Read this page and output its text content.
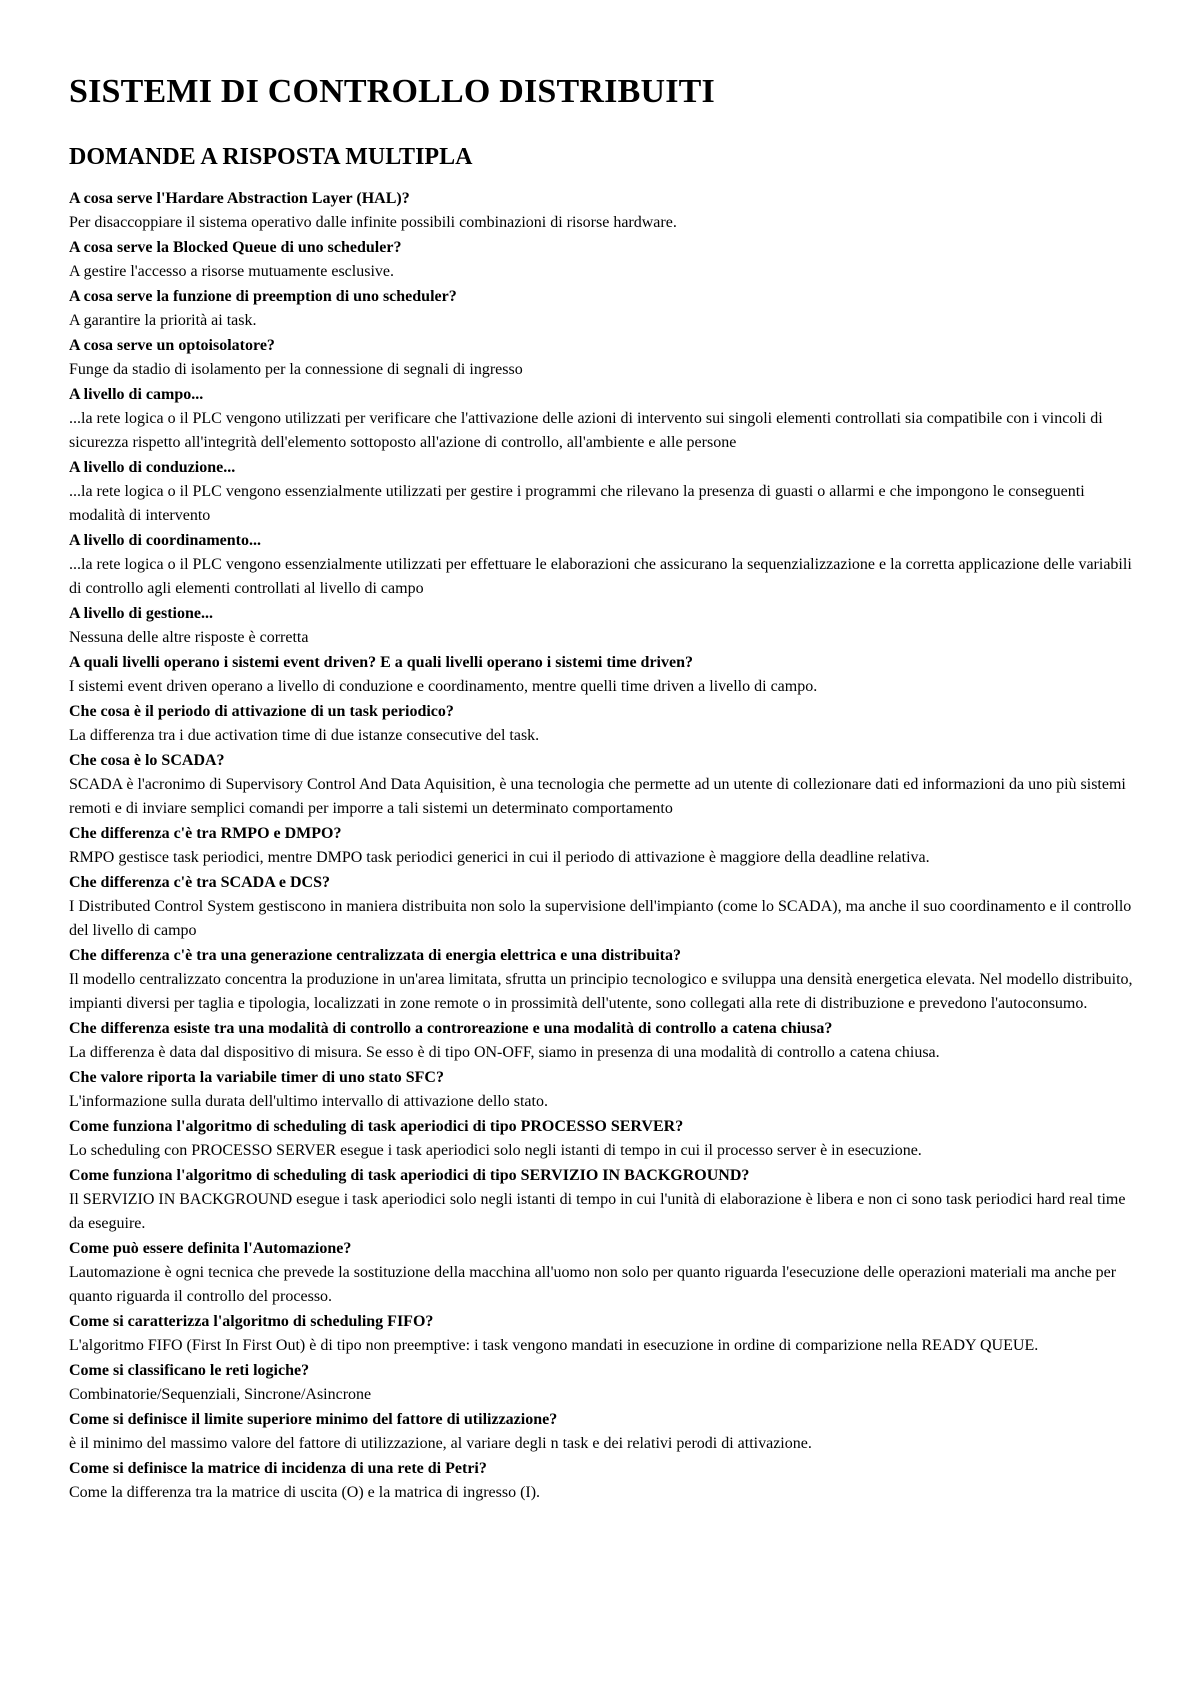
SISTEMI DI CONTROLLO DISTRIBUITI
DOMANDE A RISPOSTA MULTIPLA
A cosa serve l'Hardare Abstraction Layer (HAL)?
Per disaccoppiare il sistema operativo dalle infinite possibili combinazioni di risorse hardware.
A cosa serve la Blocked Queue di uno scheduler?
A gestire l'accesso a risorse mutuamente esclusive.
A cosa serve la funzione di preemption di uno scheduler?
A garantire la priorità ai task.
A cosa serve un optoisolatore?
Funge da stadio di isolamento per la connessione di segnali di ingresso
A livello di campo...
...la rete logica o il PLC vengono utilizzati per verificare che l'attivazione delle azioni di intervento sui singoli elementi controllati sia compatibile con i vincoli di sicurezza rispetto all'integrità dell'elemento sottoposto all'azione di controllo, all'ambiente e alle persone
A livello di conduzione...
...la rete logica o il PLC vengono essenzialmente utilizzati per gestire i programmi che rilevano la presenza di guasti o allarmi e che impongono le conseguenti modalità di intervento
A livello di coordinamento...
...la rete logica o il PLC vengono essenzialmente utilizzati per effettuare le elaborazioni che assicurano la sequenzializzazione e la corretta applicazione delle variabili di controllo agli elementi controllati al livello di campo
A livello di gestione...
Nessuna delle altre risposte è corretta
A quali livelli operano i sistemi event driven? E a quali livelli operano i sistemi time driven?
I sistemi event driven operano a livello di conduzione e coordinamento, mentre quelli time driven a livello di campo.
Che cosa è il periodo di attivazione di un task periodico?
La differenza tra i due activation time di due istanze consecutive del task.
Che cosa è lo SCADA?
SCADA è l'acronimo di Supervisory Control And Data Aquisition, è una tecnologia che permette ad un utente di collezionare dati ed informazioni da uno più sistemi remoti e di inviare semplici comandi per imporre a tali sistemi un determinato comportamento
Che differenza c'è tra RMPO e DMPO?
RMPO gestisce task periodici, mentre DMPO task periodici generici in cui il periodo di attivazione è maggiore della deadline relativa.
Che differenza c'è tra SCADA e DCS?
I Distributed Control System gestiscono in maniera distribuita non solo la supervisione dell'impianto (come lo SCADA), ma anche il suo coordinamento e il controllo del livello di campo
Che differenza c'è tra una generazione centralizzata di energia elettrica e una distribuita?
Il modello centralizzato concentra la produzione in un'area limitata, sfrutta un principio tecnologico e sviluppa una densità energetica elevata. Nel modello distribuito, impianti diversi per taglia e tipologia, localizzati in zone remote o in prossimità dell'utente, sono collegati alla rete di distribuzione e prevedono l'autoconsumo.
Che differenza esiste tra una modalità di controllo a controreazione e una modalità di controllo a catena chiusa?
La differenza è data dal dispositivo di misura. Se esso è di tipo ON-OFF, siamo in presenza di una modalità di controllo a catena chiusa.
Che valore riporta la variabile timer di uno stato SFC?
L'informazione sulla durata dell'ultimo intervallo di attivazione dello stato.
Come funziona l'algoritmo di scheduling di task aperiodici di tipo PROCESSO SERVER?
Lo scheduling con PROCESSO SERVER esegue i task aperiodici solo negli istanti di tempo in cui il processo server è in esecuzione.
Come funziona l'algoritmo di scheduling di task aperiodici di tipo SERVIZIO IN BACKGROUND?
Il SERVIZIO IN BACKGROUND esegue i task aperiodici solo negli istanti di tempo in cui l'unità di elaborazione è libera e non ci sono task periodici hard real time da eseguire.
Come può essere definita l'Automazione?
Lautomazione è ogni tecnica che prevede la sostituzione della macchina all'uomo non solo per quanto riguarda l'esecuzione delle operazioni materiali ma anche per quanto riguarda il controllo del processo.
Come si caratterizza l'algoritmo di scheduling FIFO?
L'algoritmo FIFO (First In First Out) è di tipo non preemptive: i task vengono mandati in esecuzione in ordine di comparizione nella READY QUEUE.
Come si classificano le reti logiche?
Combinatorie/Sequenziali, Sincrone/Asincrone
Come si definisce il limite superiore minimo del fattore di utilizzazione?
è il minimo del massimo valore del fattore di utilizzazione, al variare degli n task e dei relativi perodi di attivazione.
Come si definisce la matrice di incidenza di una rete di Petri?
Come la differenza tra la matrice di uscita (O) e la matrica di ingresso (I).
